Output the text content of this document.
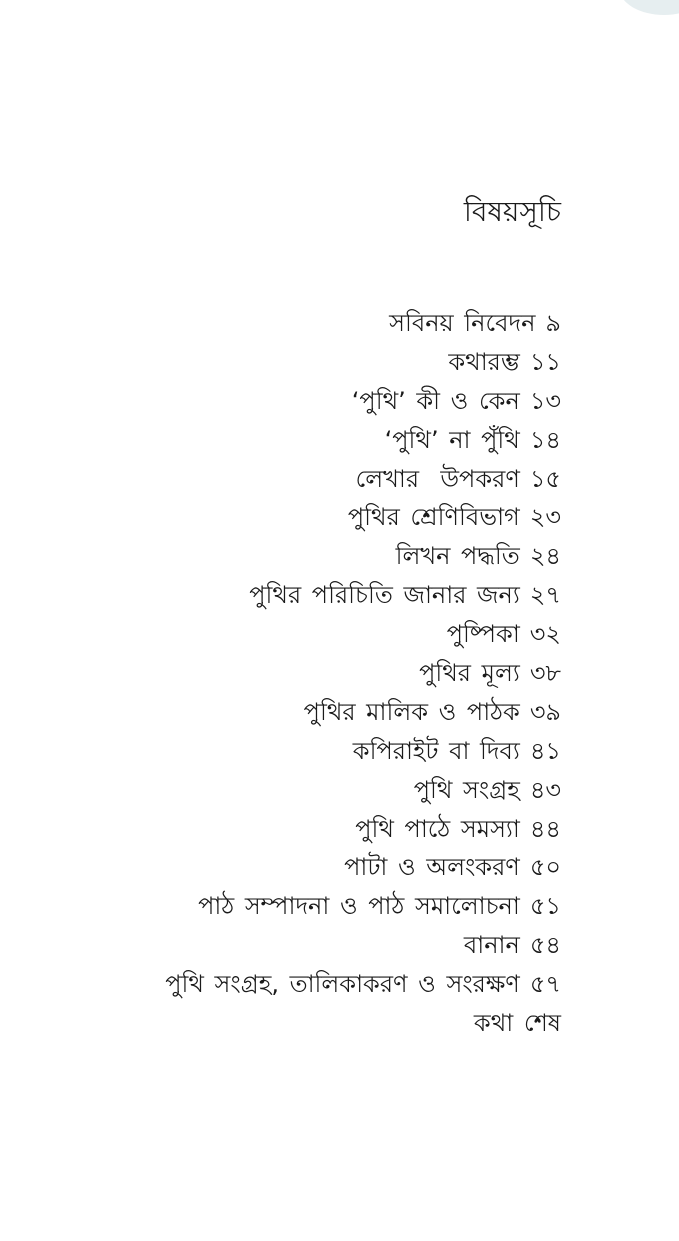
বিষয়সূচি
সবিনয় নিবেদন ৯
কথারম্ভ ১১
‘পুথি’ কী ও কেন ১৩
‘পুথি’ না পুঁথি ১৪
লেখার  উপকরণ ১৫
পুথির শ্রেণিবিভাগ ২৩
লিখন পদ্ধতি ২৪
পুথির পরিচিতি জানার জন্য ২৭
পুষ্পিকা ৩২
পুথির মূল্য ৩৮
পুথির মালিক ও পাঠক ৩৯
কপিরাইট বা দিব্য ৪১
পুথি সংগ্রহ ৪৩
পুথি পাঠে সমস্যা ৪৪
পাটা ও অলংকরণ ৫০
পাঠ সম্পাদনা ও পাঠ সমালোচনা ৫১
বানান ৫৪
পুথি সংগ্রহ, তালিকাকরণ ও সংরক্ষণ ৫৭
কথা শেষ
